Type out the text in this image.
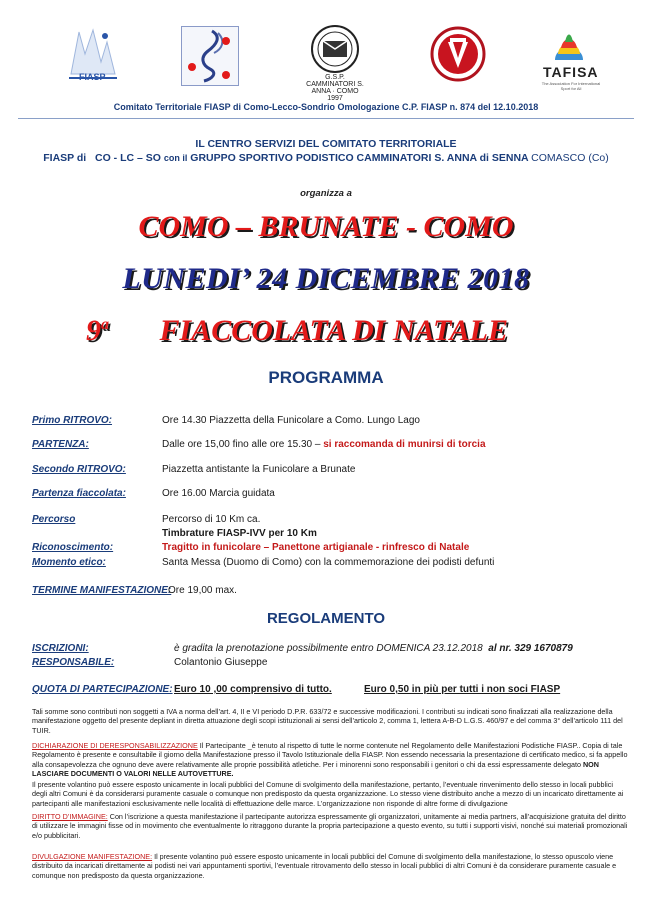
FIASP	G.S.P. CAMMINATORI S. ANNA · COMO 1997
TAFISA
The Association For International Sport for All
Comitato Territoriale FIASP di Como-Lecco-Sondrio Omologazione C.P. FIASP n. 874 del 12.10.2018
IL CENTRO SERVIZI DEL COMITATO TERRITORIALE
FIASP di CO - LC – SO con il GRUPPO SPORTIVO PODISTICO CAMMINATORI S. ANNA di SENNA COMASCO (Co)
organizza a
COMO – BRUNATE - COMO
LUNEDI’ 24 DICEMBRE 2018
9$^a$ FIACCOLATA DI NATALE
PROGRAMMA
Primo RITROVO:	Ore 14.30 Piazzetta della Funicolare a Como. Lungo Lago
PARTENZA:	Dalle ore 15,00 fino alle ore 15.30 – si raccomanda di munirsi di torcia
Secondo RITROVO:	Piazzetta antistante la Funicolare a Brunate
Partenza fiaccolata:	Ore 16.00 Marcia guidata
Percorso	Percorso di 10 Km ca.
Timbrature FIASP-IVV per 10 Km
Riconoscimento:	Tragitto in funicolare – Panettone artigianale - rinfresco di Natale
Momento etico:	Santa Messa (Duomo di Como) con la commemorazione dei podisti defunti
TERMINE MANIFESTAZIONE:
Ore 19,00 max.
REGOLAMENTO
ISCRIZIONI:	è gradita la prenotazione possibilmente entro DOMENICA 23.12.2018 al nr. 329 1670879
RESPONSABILE:	Colantonio Giuseppe
QUOTA DI PARTECIPAZIONE: Euro 10 ,00 comprensivo di tutto.	Euro 0,50 in più per tutti i non soci FIASP
Tali somme sono contributi non soggetti a IVA a norma dell’art. 4, II e VI periodo D.P.R. 633/72 e successive modificazioni. I contributi su indicati sono finalizzati alla realizzazione della manifestazione oggetto del presente depliant in diretta attuazione degli scopi istituzionali ai sensi dell’articolo 2, comma 1, lettera A-B-D L.G.S. 460/97 e del comma 3° dell’articolo 111 del TUIR.
DICHIARAZIONE DI DERESPONSABILIZZAZIONE Il Partecipante _è tenuto al rispetto di tutte le norme contenute nel Regolamento delle Manifestazioni Podistiche FIASP.. Copia di tale Regolamento è presente e consultabile il giorno della Manifestazione presso il Tavolo Istituzionale della FIASP. Non essendo necessaria la presentazione di certificato medico, si fa appello alla consapevolezza che ognuno deve avere relativamente alle proprie possibilità atletiche. Per i minorenni sono responsabili i genitori o chi da essi espressamente delegato NON LASCIARE DOCUMENTI O VALORI NELLE AUTOVETTURE.
Il presente volantino può essere esposto unicamente in locali pubblici del Comune di svolgimento della manifestazione, pertanto, l’eventuale rinvenimento dello stesso in locali pubblici degli altri Comuni è da considerarsi puramente casuale o comunque non predisposto da questa organizzazione. Lo stesso viene distribuito anche a mezzo di un incaricato direttamente ai partecipanti alle manifestazioni esclusivamente nelle località di effettuazione delle marce. L’organizzazione non risponde di altre forme di divulgazione
DIRITTO D’IMMAGINE: Con l’iscrizione a questa manifestazione il partecipante autorizza espressamente gli organizzatori, unitamente ai media partners, all’acquisizione gratuita del diritto di utilizzare le immagini fisse od in movimento che eventualmente lo ritraggono durante la propria partecipazione a questo evento, su tutti i supporti visivi, nonché sui materiali promozionali e/o pubblicitari.
DIVULGAZIONE MANIFESTAZIONE: Il presente volantino può essere esposto unicamente in locali pubblici del Comune di svolgimento della manifestazione, lo stesso opuscolo viene distribuito da incaricati direttamente ai podisti nei vari appuntamenti sportivi, l’eventuale ritrovamento dello stesso in locali pubblici di altri Comuni è da considerare puramente casuale e comunque non predisposto da questa organizzazione.
